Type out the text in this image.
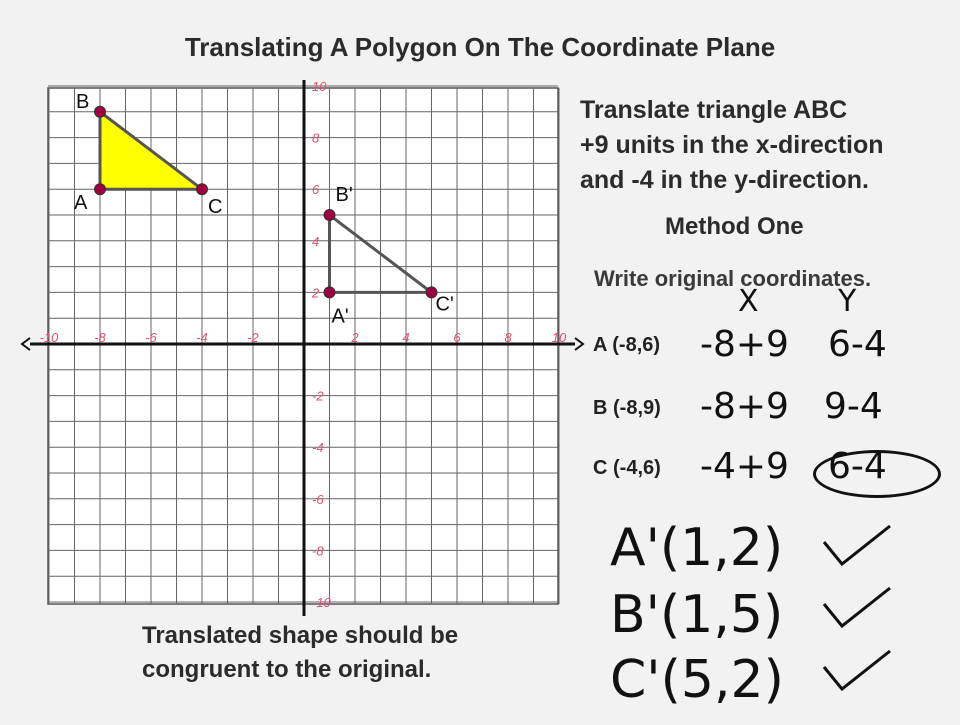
Translating A Polygon On The Coordinate Plane
-10	-8	-6	-4	-2	2	4	6	8	10
10
8
6
4
2
-2
-4
-6
-8
-10
A
B
C
A'
B'
C'
Translate triangle ABC
+9 units in the x-direction
and -4 in the y-direction.
Method One
Write original coordinates.
X	Y
A (-8,6) -8+9 6-4
B (-8,9) -8+9 9-4
C (-4,6) -4+9 6-4
A'(1,2)
B'(1,5)
C'(5,2)
Translated shape should be
congruent to the original.
